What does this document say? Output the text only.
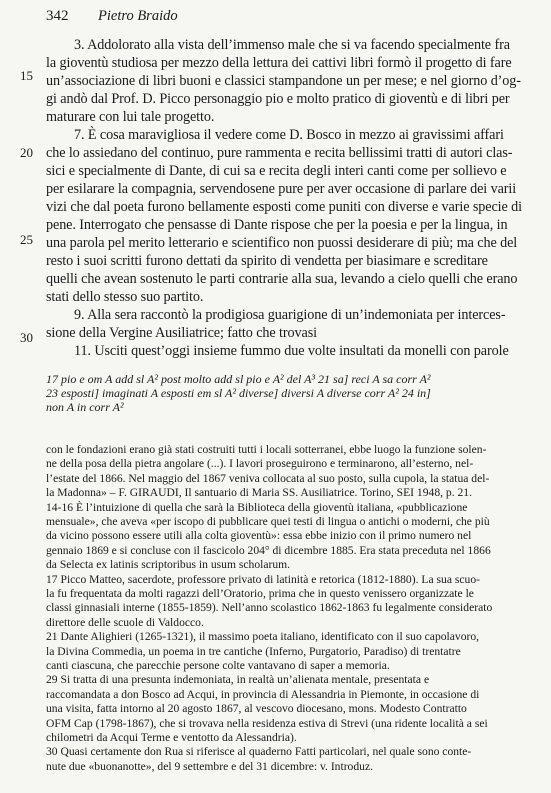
342 Pietro Braido
15
20
25
30
3. Addolorato alla vista dell’immenso male che si va facendo specialmente fra
la gioventù studiosa per mezzo della lettura dei cattivi libri formò il progetto di fare
un’associazione di libri buoni e classici stampandone un per mese; e nel giorno d’og-
gi andò dal Prof. D. Picco personaggio pio e molto pratico di gioventù e di libri per
maturare con lui tale progetto.
7. È cosa maravigliosa il vedere come D. Bosco in mezzo ai gravissimi affari
che lo assiedano del continuo, pure rammenta e recita bellissimi tratti di autori clas-
sici e specialmente di Dante, di cui sa e recita degli interi canti come per sollievo e
per esilarare la compagnia, servendosene pure per aver occasione di parlare dei varii
vizi che dal poeta furono bellamente esposti come puniti con diverse e varie specie di
pene. Interrogato che pensasse di Dante rispose che per la poesia e per la lingua, in
una parola pel merito letterario e scientifico non puossi desiderare di più; ma che del
resto i suoi scritti furono dettati da spirito di vendetta per biasimare e screditare
quelli che avean sostenuto le parti contrarie alla sua, levando a cielo quelli che erano
stati dello stesso suo partito.
9. Alla sera raccontò la prodigiosa guarigione di un’indemoniata per interces-
sione della Vergine Ausiliatrice; fatto che trovasi
11. Usciti quest’oggi insieme fummo due volte insultati da monelli con parole
17 pio e om A add sl A² post molto add sl pio e A² del A³ 21 sa] reci A sa corr A²
23 esposti] imaginati A esposti em sl A² diverse] diversi A diverse corr A² 24 in]
non A in corr A²
con le fondazioni erano già stati costruiti tutti i locali sotterranei, ebbe luogo la funzione solen-
ne della posa della pietra angolare (...). I lavori proseguirono e terminarono, all’esterno, nel-
l’estate del 1866. Nel maggio del 1867 veniva collocata al suo posto, sulla cupola, la statua del-
la Madonna» – F. GIRAUDI, Il santuario di Maria SS. Ausiliatrice. Torino, SEI 1948, p. 21.
14-16 È l’intuizione di quella che sarà la Biblioteca della gioventù italiana, «pubblicazione
mensuale», che aveva «per iscopo di pubblicare quei testi di lingua o antichi o moderni, che più
da vicino possono essere utili alla colta gioventù»: essa ebbe inizio con il primo numero nel
gennaio 1869 e si concluse con il fascicolo 204° di dicembre 1885. Era stata preceduta nel 1866
da Selecta ex latinis scriptoribus in usum scholarum.
17 Picco Matteo, sacerdote, professore privato di latinità e retorica (1812-1880). La sua scuo-
la fu frequentata da molti ragazzi dell’Oratorio, prima che in questo venissero organizzate le
classi ginnasiali interne (1855-1859). Nell’anno scolastico 1862-1863 fu legalmente considerato
direttore delle scuole di Valdocco.
21 Dante Alighieri (1265-1321), il massimo poeta italiano, identificato con il suo capolavoro,
la Divina Commedia, un poema in tre cantiche (Inferno, Purgatorio, Paradiso) di trentatre
canti ciascuna, che parecchie persone colte vantavano di saper a memoria.
29 Si tratta di una presunta indemoniata, in realtà un’alienata mentale, presentata e
raccomandata a don Bosco ad Acqui, in provincia di Alessandria in Piemonte, in occasione di
una visita, fatta intorno al 20 agosto 1867, al vescovo diocesano, mons. Modesto Contratto
OFM Cap (1798-1867), che si trovava nella residenza estiva di Strevi (una ridente località a sei
chilometri da Acqui Terme e ventotto da Alessandria).
30 Quasi certamente don Rua si riferisce al quaderno Fatti particolari, nel quale sono conte-
nute due «buonanotte», del 9 settembre e del 31 dicembre: v. Introduz.
